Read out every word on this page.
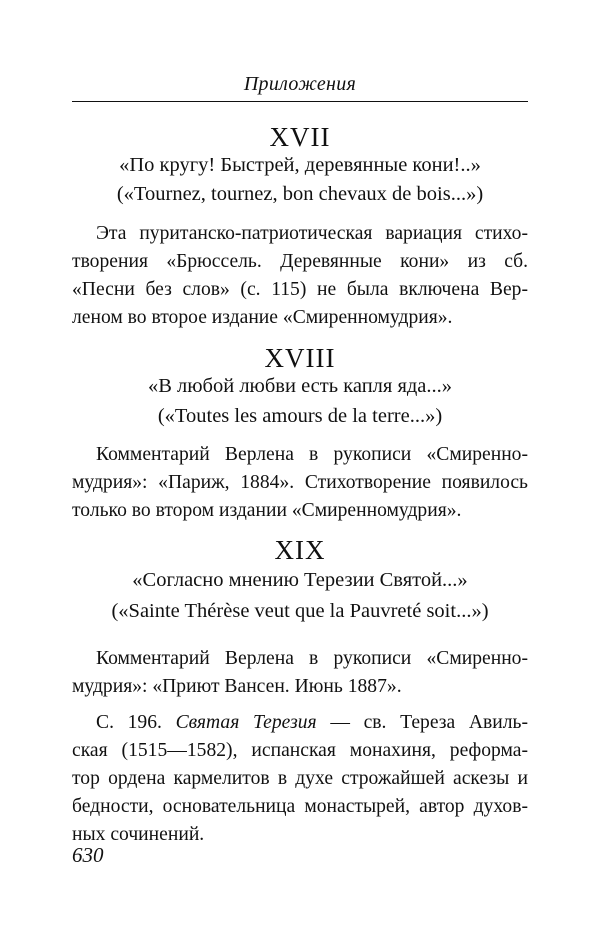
Приложения
XVII
«По кругу! Быстрей, деревянные кони!..»
(«Tournez, tournez, bon chevaux de bois...»)

Эта пуританско-патриотическая вариация стихо-
творения «Брюссель. Деревянные кони» из сб.
«Песни без слов» (с. 115) не была включена Вер-
леном во второе издание «Смиренномудрия».

XVIII
«В любой любви есть капля яда...»
(«Toutes les amours de la terre...»)

Комментарий Верлена в рукописи «Смиренно-
мудрия»: «Париж, 1884». Стихотворение появилось
только во втором издании «Смиренномудрия».

XIX
«Согласно мнению Терезии Святой...»
(«Sainte Thérèse veut que la Pauvreté soit...»)

Комментарий Верлена в рукописи «Смиренно-
мудрия»: «Приют Вансен. Июнь 1887».

С. 196. Святая Терезия — св. Тереза Авиль-
ская (1515—1582), испанская монахиня, реформа-
тор ордена кармелитов в духе строжайшей аскезы и
бедности, основательница монастырей, автор духов-
ных сочинений.

630
